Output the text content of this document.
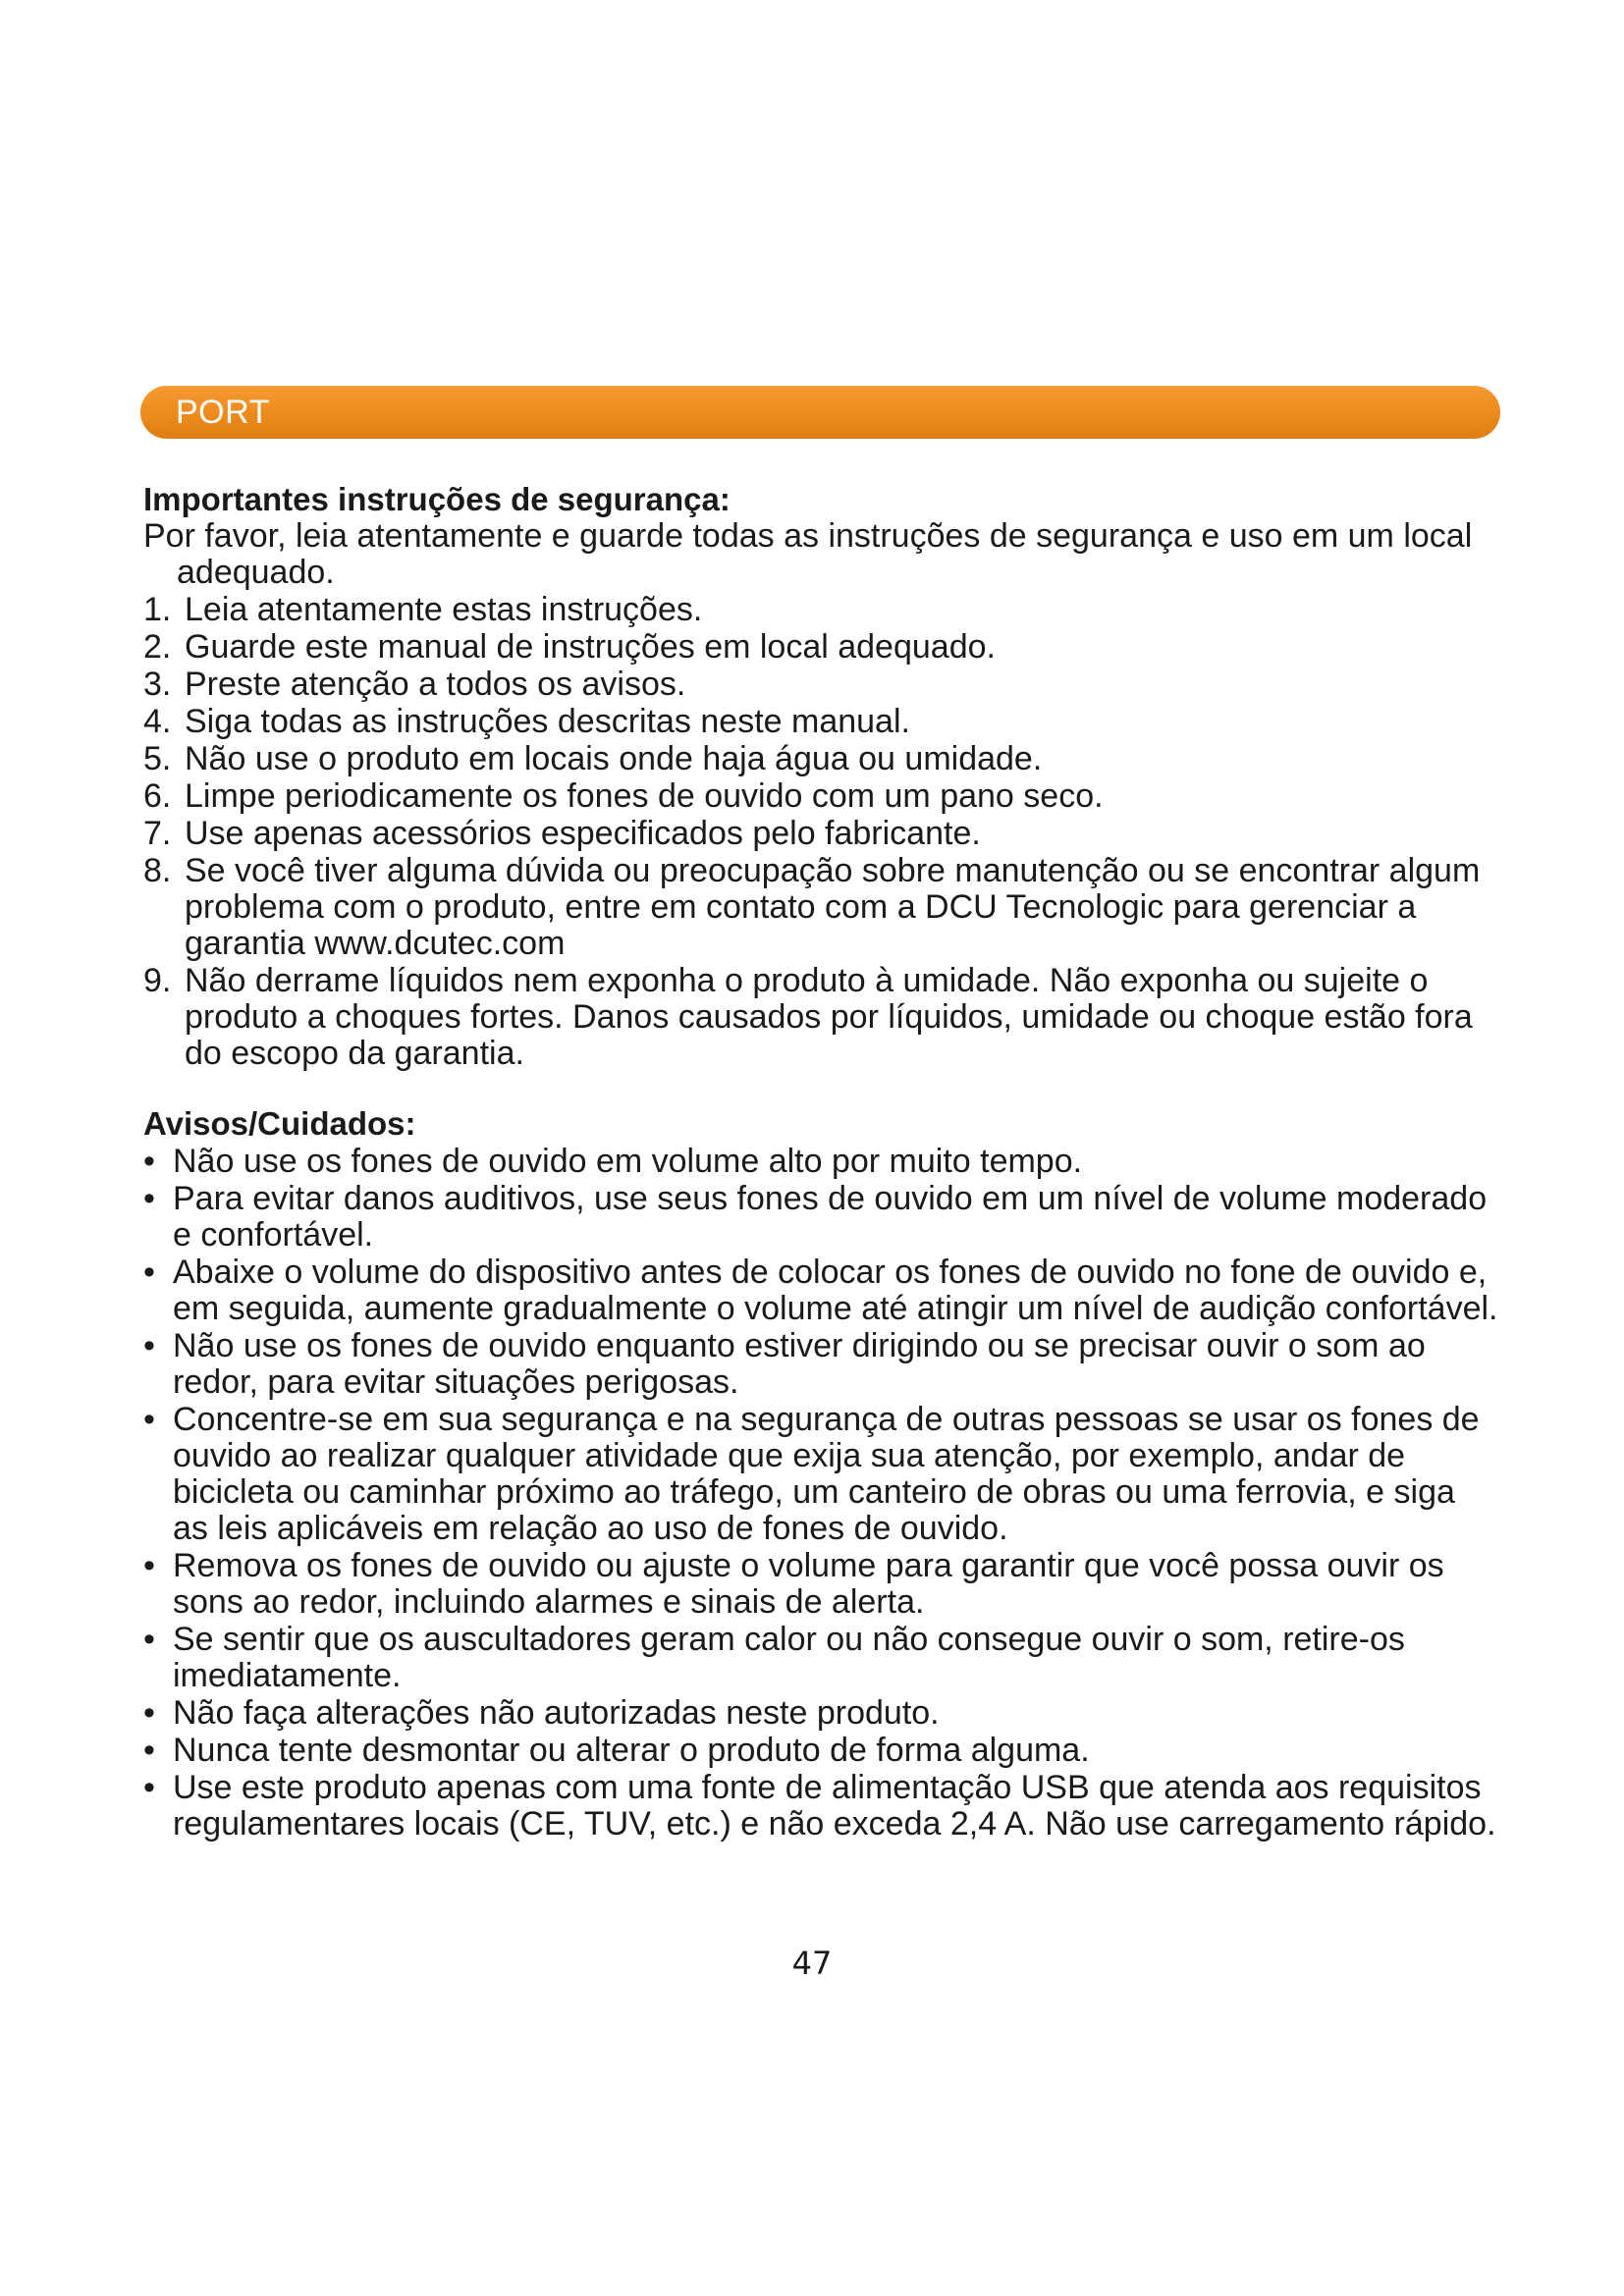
PORT
Importantes instruções de segurança:

Por favor, leia atentamente e guarde todas as instruções de segurança e uso em um local adequado.

1. Leia atentamente estas instruções.
2. Guarde este manual de instruções em local adequado.
3. Preste atenção a todos os avisos.
4. Siga todas as instruções descritas neste manual.
5. Não use o produto em locais onde haja água ou umidade.
6. Limpe periodicamente os fones de ouvido com um pano seco.
7. Use apenas acessórios especificados pelo fabricante.
8. Se você tiver alguma dúvida ou preocupação sobre manutenção ou se encontrar algum problema com o produto, entre em contato com a DCU Tecnologic para gerenciar a garantia www.dcutec.com
9. Não derrame líquidos nem exponha o produto à umidade. Não exponha ou sujeite o produto a choques fortes. Danos causados por líquidos, umidade ou choque estão fora do escopo da garantia.
Avisos/Cuidados:
• Não use os fones de ouvido em volume alto por muito tempo.
• Para evitar danos auditivos, use seus fones de ouvido em um nível de volume moderado e confortável.
• Abaixe o volume do dispositivo antes de colocar os fones de ouvido no fone de ouvido e, em seguida, aumente gradualmente o volume até atingir um nível de audição confortável.
• Não use os fones de ouvido enquanto estiver dirigindo ou se precisar ouvir o som ao redor, para evitar situações perigosas.
• Concentre-se em sua segurança e na segurança de outras pessoas se usar os fones de ouvido ao realizar qualquer atividade que exija sua atenção, por exemplo, andar de bicicleta ou caminhar próximo ao tráfego, um canteiro de obras ou uma ferrovia, e siga as leis aplicáveis em relação ao uso de fones de ouvido.
• Remova os fones de ouvido ou ajuste o volume para garantir que você possa ouvir os sons ao redor, incluindo alarmes e sinais de alerta.
• Se sentir que os auscultadores geram calor ou não consegue ouvir o som, retire-os imediatamente.
• Não faça alterações não autorizadas neste produto.
• Nunca tente desmontar ou alterar o produto de forma alguma.
• Use este produto apenas com uma fonte de alimentação USB que atenda aos requisitos regulamentares locais (CE, TUV, etc.) e não exceda 2,4 A. Não use carregamento rápido.
47
